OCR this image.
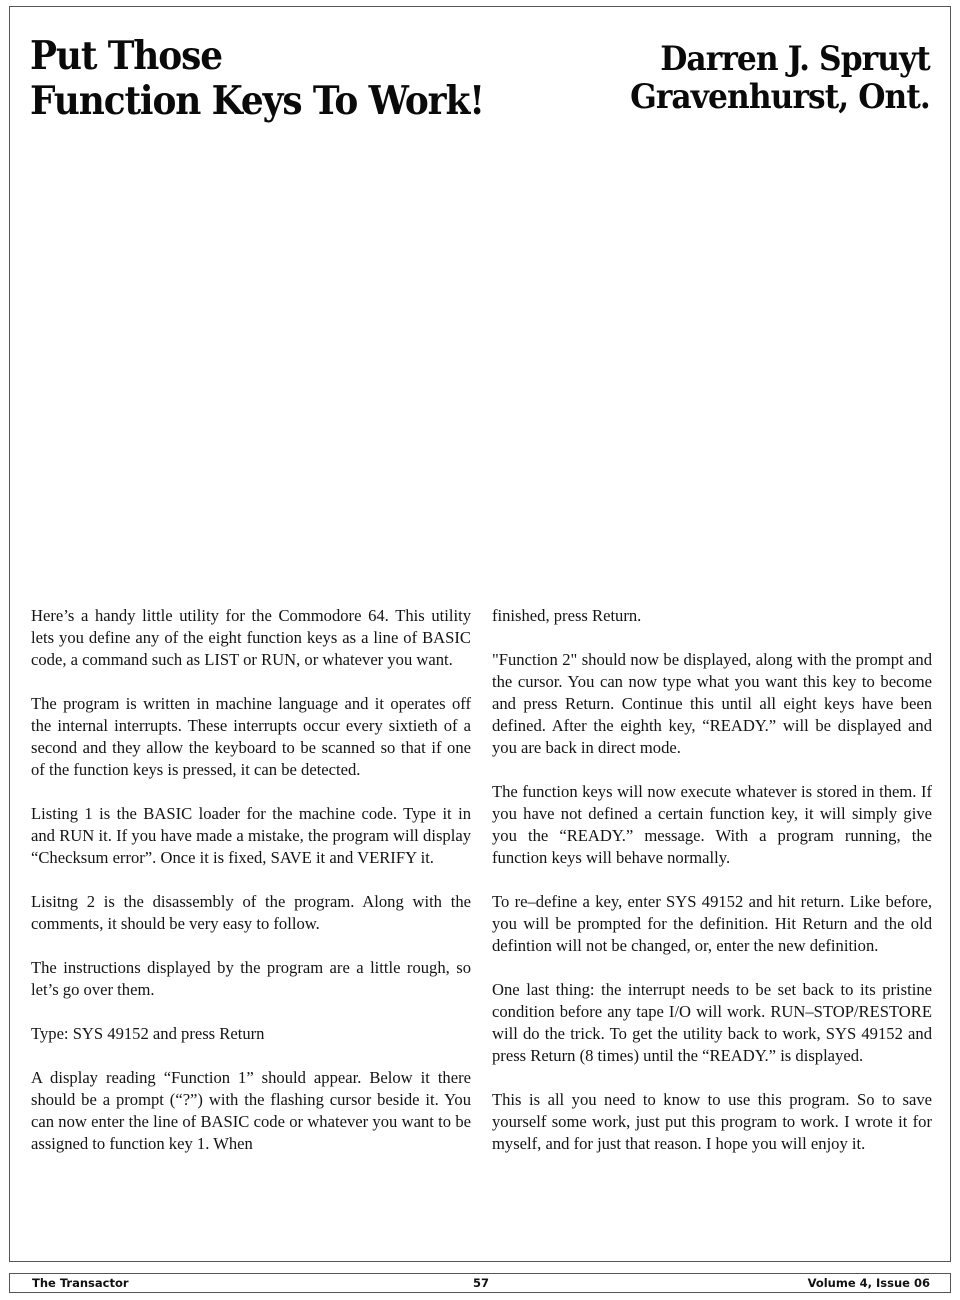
Put Those
Function Keys To Work!
Darren J. Spruyt
Gravenhurst, Ont.

Here’s a handy little utility for the Commodore 64. This utility lets you define any of the eight function keys as a line of BASIC code, a command such as LIST or RUN, or whatever you want.

The program is written in machine language and it operates off the internal interrupts. These interrupts occur every sixtieth of a second and they allow the keyboard to be scanned so that if one of the function keys is pressed, it can be detected.

Listing 1 is the BASIC loader for the machine code. Type it in and RUN it. If you have made a mistake, the program will display “Checksum error”. Once it is fixed, SAVE it and VERIFY it.

Lisitng 2 is the disassembly of the program. Along with the comments, it should be very easy to follow.

The instructions displayed by the program are a little rough, so let’s go over them.

Type: SYS 49152 and press Return

A display reading “Function 1” should appear. Below it there should be a prompt (“?”) with the flashing cursor beside it. You can now enter the line of BASIC code or whatever you want to be assigned to function key 1. When

finished, press Return.

"Function 2" should now be displayed, along with the prompt and the cursor. You can now type what you want this key to become and press Return. Continue this until all eight keys have been defined. After the eighth key, “READY.” will be displayed and you are back in direct mode.

The function keys will now execute whatever is stored in them. If you have not defined a certain function key, it will simply give you the “READY.” message. With a program running, the function keys will behave normally.

To re–define a key, enter SYS 49152 and hit return. Like before, you will be prompted for the definition. Hit Return and the old defintion will not be changed, or, enter the new definition.

One last thing: the interrupt needs to be set back to its pristine condition before any tape I/O will work. RUN–STOP/RESTORE will do the trick. To get the utility back to work, SYS 49152 and press Return (8 times) until the “READY.” is displayed.

This is all you need to know to use this program. So to save yourself some work, just put this program to work. I wrote it for myself, and for just that reason. I hope you will enjoy it.

The Transactor	57	Volume 4, Issue 06
